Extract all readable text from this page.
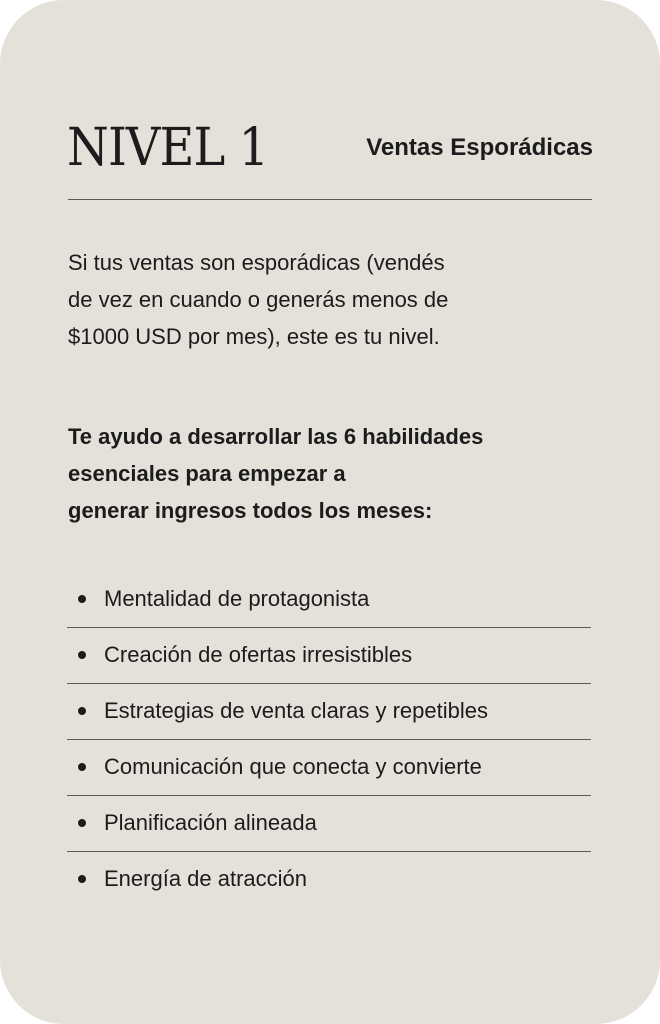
NIVEL 1	Ventas Esporádicas
Si tus ventas son esporádicas (vendés
de vez en cuando o generás menos de
$1000 USD por mes), este es tu nivel.
Te ayudo a desarrollar las 6 habilidades
esenciales para empezar a
generar ingresos todos los meses:
Mentalidad de protagonista
Creación de ofertas irresistibles
Estrategias de venta claras y repetibles
Comunicación que conecta y convierte
Planificación alineada
Energía de atracción
